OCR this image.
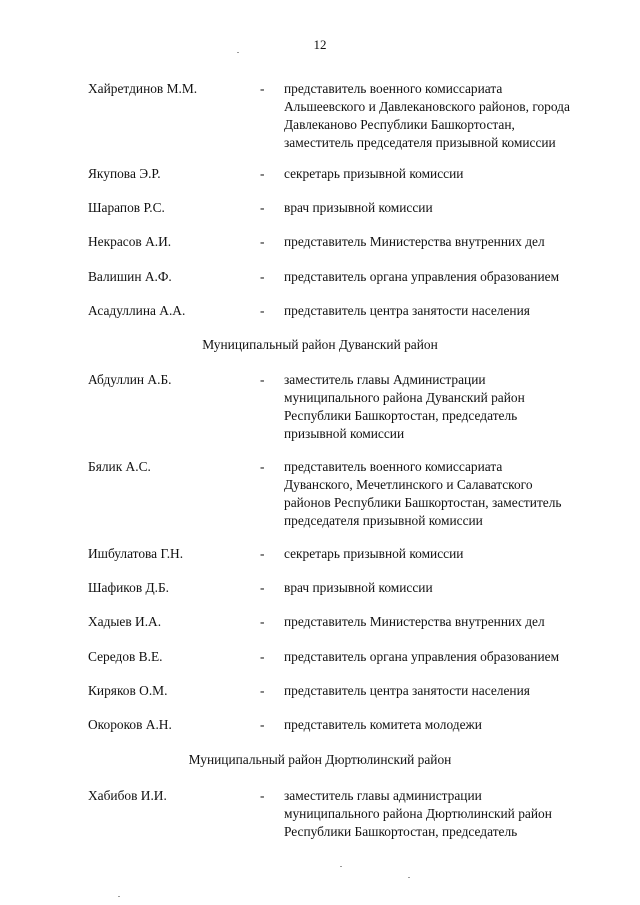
12
Хайретдинов М.М.	- представитель военного комиссариата
Альшеевского и Давлекановского районов, города
Давлеканово Республики Башкортостан,
заместитель председателя призывной комиссии
Якупова Э.Р.	- секретарь призывной комиссии
Шарапов Р.С.	- врач призывной комиссии
Некрасов А.И.	- представитель Министерства внутренних дел
Валишин А.Ф.	- представитель органа управления образованием
Асадуллина А.А.	- представитель центра занятости населения
Муниципальный район Дуванский район
Абдуллин А.Б.	- заместитель главы Администрации
муниципального района Дуванский район
Республики Башкортостан, председатель
призывной комиссии
Бялик А.С.	- представитель военного комиссариата
Дуванского, Мечетлинского и Салаватского
районов Республики Башкортостан, заместитель
председателя призывной комиссии
Ишбулатова Г.Н.	- секретарь призывной комиссии
Шафиков Д.Б.	- врач призывной комиссии
Хадыев И.А.	- представитель Министерства внутренних дел
Середов В.Е.	- представитель органа управления образованием
Киряков О.М.	- представитель центра занятости населения
Окороков А.Н.	- представитель комитета молодежи
Муниципальный район Дюртюлинский район
Хабибов И.И.	- заместитель главы администрации
муниципального района Дюртюлинский район
Республики Башкортостан, председатель
